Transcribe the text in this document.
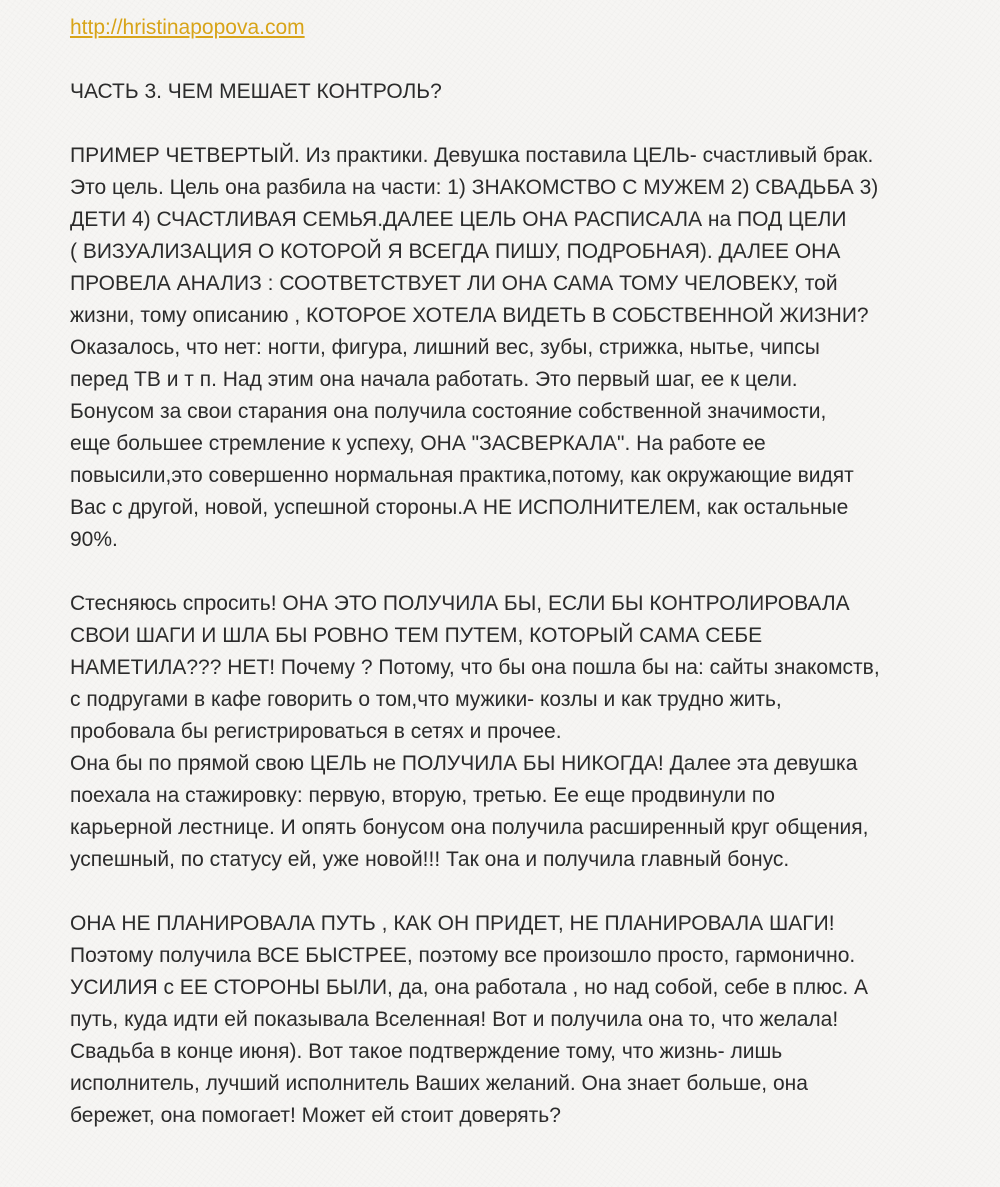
http://hristinapopova.com
ЧАСТЬ 3. ЧЕМ МЕШАЕТ КОНТРОЛЬ?
ПРИМЕР ЧЕТВЕРТЫЙ. Из практики. Девушка поставила ЦЕЛЬ- счастливый брак.
Это цель. Цель она разбила на части: 1) ЗНАКОМСТВО С МУЖЕМ 2) СВАДЬБА 3)
ДЕТИ 4) СЧАСТЛИВАЯ СЕМЬЯ.ДАЛЕЕ ЦЕЛЬ ОНА РАСПИСАЛА на ПОД ЦЕЛИ
( ВИЗУАЛИЗАЦИЯ О КОТОРОЙ Я ВСЕГДА ПИШУ, ПОДРОБНАЯ). ДАЛЕЕ ОНА
ПРОВЕЛА АНАЛИЗ : СООТВЕТСТВУЕТ ЛИ ОНА САМА ТОМУ ЧЕЛОВЕКУ, той
жизни, тому описанию , КОТОРОЕ ХОТЕЛА ВИДЕТЬ В СОБСТВЕННОЙ ЖИЗНИ?
Оказалось, что нет: ногти, фигура, лишний вес, зубы, стрижка, нытье, чипсы
перед ТВ и т п. Над этим она начала работать. Это первый шаг, ее к цели.
Бонусом за свои старания она получила состояние собственной значимости,
еще большее стремление к успеху, ОНА "ЗАСВЕРКАЛА". На работе ее
повысили,это совершенно нормальная практика,потому, как окружающие видят
Вас с другой, новой, успешной стороны.А НЕ ИСПОЛНИТЕЛЕМ, как остальные
90%.
Стесняюсь спросить! ОНА ЭТО ПОЛУЧИЛА БЫ, ЕСЛИ БЫ КОНТРОЛИРОВАЛА
СВОИ ШАГИ И ШЛА БЫ РОВНО ТЕМ ПУТЕМ, КОТОРЫЙ САМА СЕБЕ
НАМЕТИЛА??? НЕТ! Почему ? Потому, что бы она пошла бы на: сайты знакомств,
с подругами в кафе говорить о том,что мужики- козлы и как трудно жить,
пробовала бы регистрироваться в сетях и прочее.
Она бы по прямой свою ЦЕЛЬ не ПОЛУЧИЛА БЫ НИКОГДА! Далее эта девушка
поехала на стажировку: первую, вторую, третью. Ее еще продвинули по
карьерной лестнице. И опять бонусом она получила расширенный круг общения,
успешный, по статусу ей, уже новой!!! Так она и получила главный бонус.
ОНА НЕ ПЛАНИРОВАЛА ПУТЬ , КАК ОН ПРИДЕТ, НЕ ПЛАНИРОВАЛА ШАГИ!
Поэтому получила ВСЕ БЫСТРЕЕ, поэтому все произошло просто, гармонично.
УСИЛИЯ с ЕЕ СТОРОНЫ БЫЛИ, да, она работала , но над собой, себе в плюс. А
путь, куда идти ей показывала Вселенная! Вот и получила она то, что желала!
Свадьба в конце июня). Вот такое подтверждение тому, что жизнь- лишь
исполнитель, лучший исполнитель Ваших желаний. Она знает больше, она
бережет, она помогает! Может ей стоит доверять?
